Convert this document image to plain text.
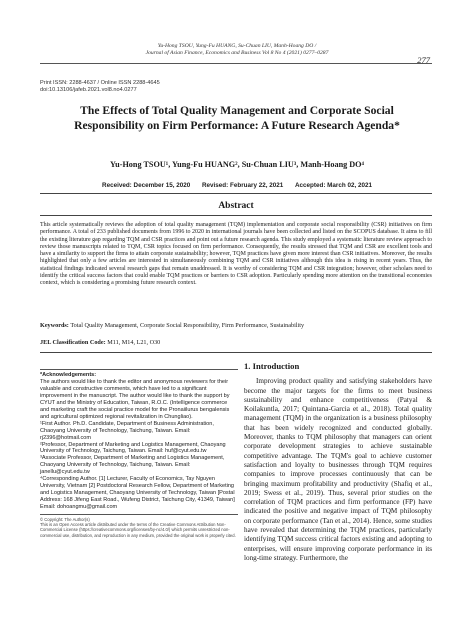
Yu-Hong TSOU, Yung-Fu HUANG, Su-Chuan LIU, Manh-Hoang DO /
Journal of Asian Finance, Economics and Business Vol 8 No 4 (2021) 0277–0287
277
Print ISSN: 2288-4637 / Online ISSN 2288-4645
doi:10.13106/jafeb.2021.vol8.no4.0277
The Effects of Total Quality Management and Corporate Social
Responsibility on Firm Performance: A Future Research Agenda*
Yu-Hong TSOU¹, Yung-Fu HUANG², Su-Chuan LIU³, Manh-Hoang DO⁴
Received: December 15, 2020 Revised: February 22, 2021 Accepted: March 02, 2021
Abstract
This article systematically reviews the adoption of total quality management (TQM) implementation and corporate social responsibility (CSR) initiatives on firm performance. A total of 233 published documents from 1996 to 2020 in international journals have been collected and listed on the SCOPUS database. It aims to fill the existing literature gap regarding TQM and CSR practices and point out a future research agenda. This study employed a systematic literature review approach to review those manuscripts related to TQM, CSR topics focused on firm performance. Consequently, the results stressed that TQM and CSR are excellent tools and have a similarity to support the firms to attain corporate sustainability; however, TQM practices have given more interest than CSR initiatives. Moreover, the results highlighted that only a few articles are interested in simultaneously combining TQM and CSR initiatives although this idea is rising in recent years. Thus, the statistical findings indicated several research gaps that remain unaddressed. It is worthy of considering TQM and CSR integration; however, other scholars need to identify the critical success factors that could enable TQM practices or barriers to CSR adoption. Particularly spending more attention on the transitional economies context, which is considering a promising future research context.
Keywords: Total Quality Management, Corporate Social Responsibility, Firm Performance, Sustainability
JEL Classification Code: M11, M14, L21, O30

*Acknowledgements:

The authors would like to thank the editor and anonymous reviewers for their valuable and constructive comments, which have led to a significant improvement in the manuscript. The author would like to thank the support by CYUT and the Ministry of Education, Taiwan, R.O.C. (Intelligence commerce and marketing craft the social practice model for the Pronaiilurus bengalensis and agricultural optimized regional revitalization in Chungliao).

¹First Author. Ph.D. Candidate, Department of Business Administration, Chaoyang University of Technology, Taichung, Taiwan. Email: rj2396@hotmail.com

²Professor, Department of Marketing and Logistics Management, Chaoyang University of Technology, Taichung, Taiwan. Email: huf@cyut.edu.tw

³Associate Professor, Department of Marketing and Logistics Management, Chaoyang University of Technology, Taichung, Taiwan. Email: janellu@cyut.edu.tw

⁴Corresponding Author. [1] Lecturer, Faculty of Economics, Tay Nguyen University, Vietnam [2] Postdoctoral Research Fellow, Department of Marketing and Logistics Management, Chaoyang University of Technology, Taiwan [Postal Address: 168 Jifeng East Road., Wufeng District, Taichung City, 41349, Taiwan] Email: dohoangmu@gmail.com

© Copyright: The Author(s)

This is an Open Access article distributed under the terms of the Creative Commons Attribution Non-Commercial License (https://creativecommons.org/licenses/by-nc/4.0/) which permits unrestricted non-commercial use, distribution, and reproduction in any medium, provided the original work is properly cited.

1. Introduction

Improving product quality and satisfying stakeholders have become the major targets for the firms to meet business sustainability and enhance competitiveness (Patyal & Koilakuntla, 2017; Quintana-Garcia et al., 2018). Total quality management (TQM) in the organization is a business philosophy that has been widely recognized and conducted globally. Moreover, thanks to TQM philosophy that managers can orient corporate development strategies to achieve sustainable competitive advantage. The TQM's goal to achieve customer satisfaction and loyalty to businesses through TQM requires companies to improve processes continuously that can be bringing maximum profitability and productivity (Shafiq et al., 2019; Swess et al., 2019). Thus, several prior studies on the correlation of TQM practices and firm performance (FP) have indicated the positive and negative impact of TQM philosophy on corporate performance (Tan et al., 2014). Hence, some studies have revealed that determining the TQM practices, particularly identifying TQM success critical factors existing and adopting to enterprises, will ensure improving corporate performance in its long-time strategy. Furthermore, the
